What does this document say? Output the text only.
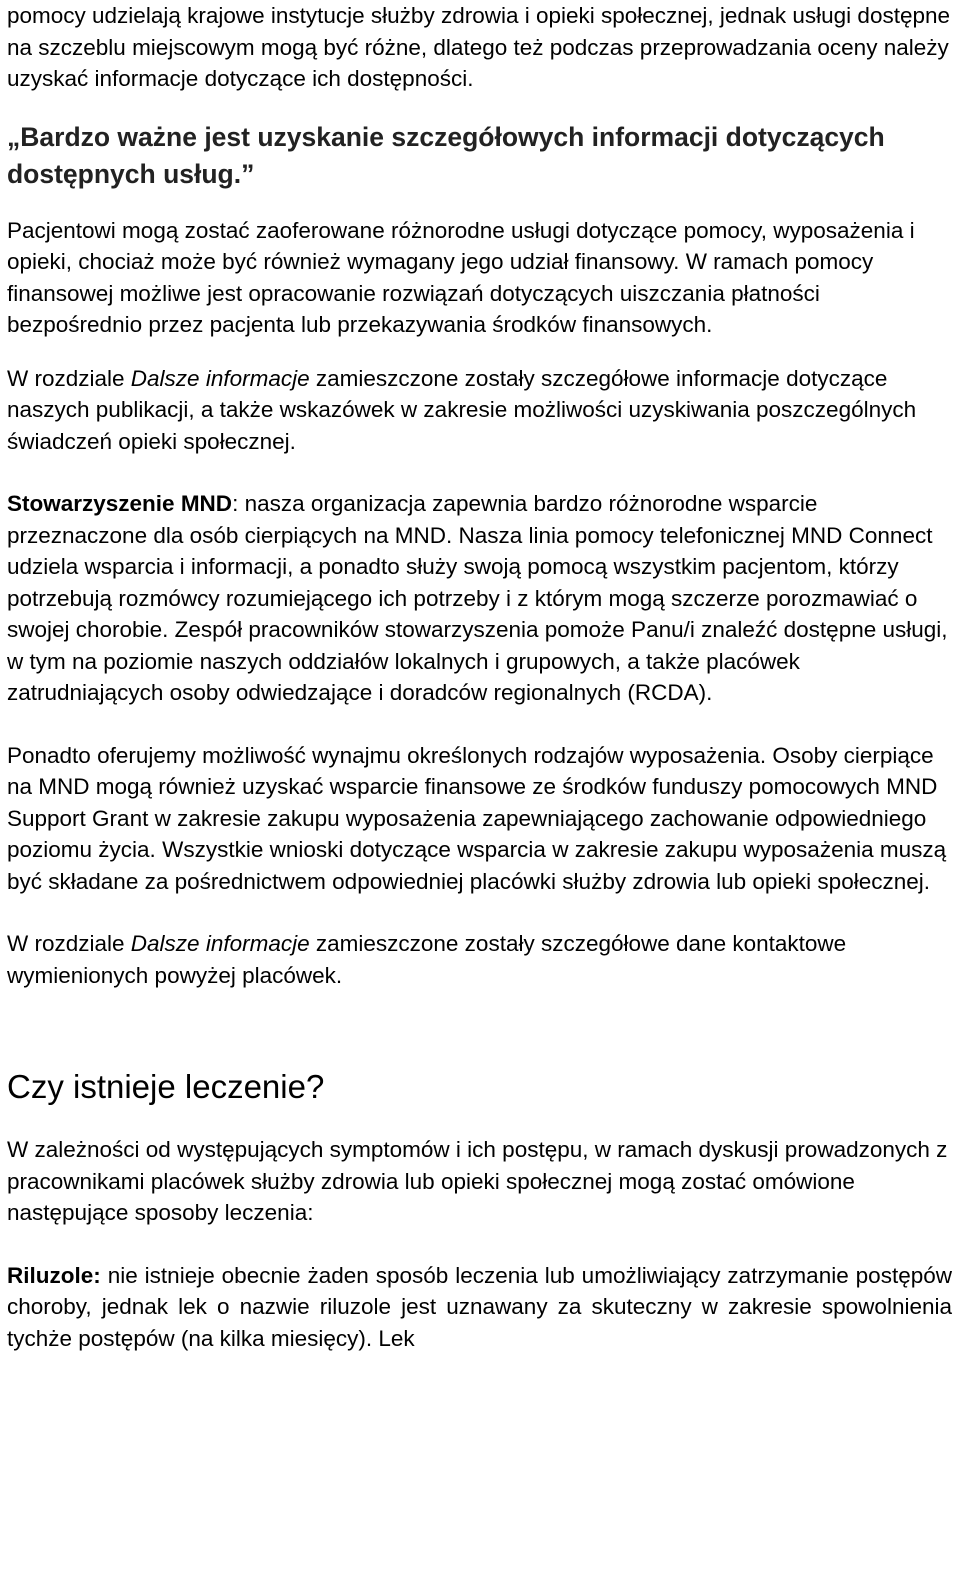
pomocy udzielają krajowe instytucje służby zdrowia i opieki społecznej, jednak usługi dostępne na szczeblu miejscowym mogą być różne, dlatego też podczas przeprowadzania oceny należy uzyskać informacje dotyczące ich dostępności.

„Bardzo ważne jest uzyskanie szczegółowych informacji dotyczących dostępnych usług.”

Pacjentowi mogą zostać zaoferowane różnorodne usługi dotyczące pomocy, wyposażenia i opieki, chociaż może być również wymagany jego udział finansowy. W ramach pomocy finansowej możliwe jest opracowanie rozwiązań dotyczących uiszczania płatności bezpośrednio przez pacjenta lub przekazywania środków finansowych.

W rozdziale Dalsze informacje zamieszczone zostały szczegółowe informacje dotyczące naszych publikacji, a także wskazówek w zakresie możliwości uzyskiwania poszczególnych świadczeń opieki społecznej.

Stowarzyszenie MND: nasza organizacja zapewnia bardzo różnorodne wsparcie przeznaczone dla osób cierpiących na MND. Nasza linia pomocy telefonicznej MND Connect udziela wsparcia i informacji, a ponadto służy swoją pomocą wszystkim pacjentom, którzy potrzebują rozmówcy rozumiejącego ich potrzeby i z którym mogą szczerze porozmawiać o swojej chorobie. Zespół pracowników stowarzyszenia pomoże Panu/i znaleźć dostępne usługi, w tym na poziomie naszych oddziałów lokalnych i grupowych, a także placówek zatrudniających osoby odwiedzające i doradców regionalnych (RCDA).

Ponadto oferujemy możliwość wynajmu określonych rodzajów wyposażenia. Osoby cierpiące na MND mogą również uzyskać wsparcie finansowe ze środków funduszy pomocowych MND Support Grant w zakresie zakupu wyposażenia zapewniającego zachowanie odpowiedniego poziomu życia. Wszystkie wnioski dotyczące wsparcia w zakresie zakupu wyposażenia muszą być składane za pośrednictwem odpowiedniej placówki służby zdrowia lub opieki społecznej.

W rozdziale Dalsze informacje zamieszczone zostały szczegółowe dane kontaktowe wymienionych powyżej placówek.

Czy istnieje leczenie?

W zależności od występujących symptomów i ich postępu, w ramach dyskusji prowadzonych z pracownikami placówek służby zdrowia lub opieki społecznej mogą zostać omówione następujące sposoby leczenia:

Riluzole: nie istnieje obecnie żaden sposób leczenia lub umożliwiający zatrzymanie postępów choroby, jednak lek o nazwie riluzole jest uznawany za skuteczny w zakresie spowolnienia tychże postępów (na kilka miesięcy). Lek
